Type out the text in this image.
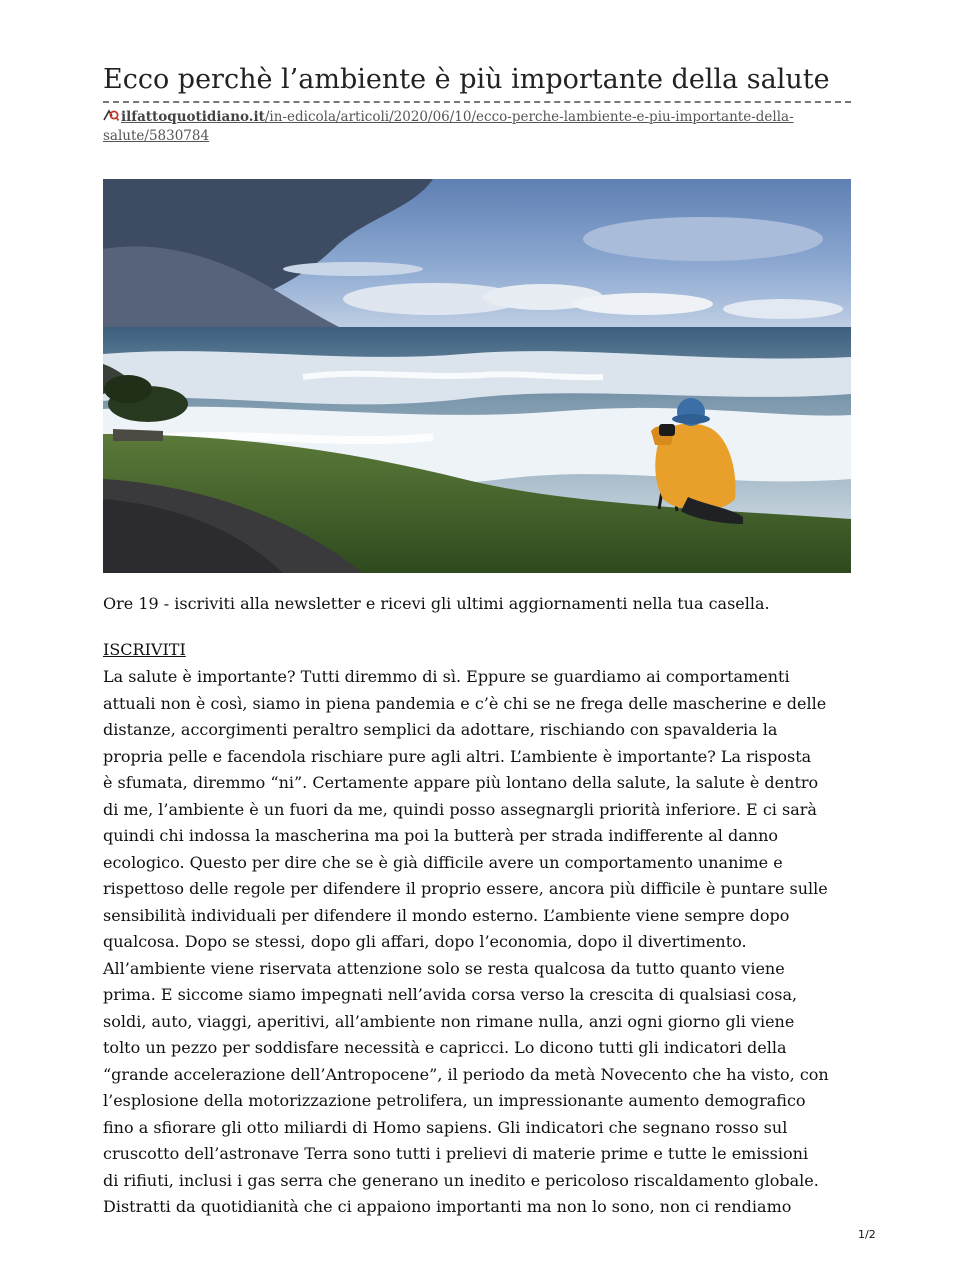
Ecco perchè l’ambiente è più importante della salute
ilfattoquotidiano.it/in-edicola/articoli/2020/06/10/ecco-perche-lambiente-e-piu-importante-della-
salute/5830784
Ore 19 - iscriviti alla newsletter e ricevi gli ultimi aggiornamenti nella tua casella.
ISCRIVITI
La salute è importante? Tutti diremmo di sì. Eppure se guardiamo ai comportamenti
attuali non è così, siamo in piena pandemia e c’è chi se ne frega delle mascherine e delle
distanze, accorgimenti peraltro semplici da adottare, rischiando con spavalderia la
propria pelle e facendola rischiare pure agli altri. L’ambiente è importante? La risposta
è sfumata, diremmo “ni”. Certamente appare più lontano della salute, la salute è dentro
di me, l’ambiente è un fuori da me, quindi posso assegnargli priorità inferiore. E ci sarà
quindi chi indossa la mascherina ma poi la butterà per strada indifferente al danno
ecologico. Questo per dire che se è già difficile avere un comportamento unanime e
rispettoso delle regole per difendere il proprio essere, ancora più difficile è puntare sulle
sensibilità individuali per difendere il mondo esterno. L’ambiente viene sempre dopo
qualcosa. Dopo se stessi, dopo gli affari, dopo l’economia, dopo il divertimento.
All’ambiente viene riservata attenzione solo se resta qualcosa da tutto quanto viene
prima. E siccome siamo impegnati nell’avida corsa verso la crescita di qualsiasi cosa,
soldi, auto, viaggi, aperitivi, all’ambiente non rimane nulla, anzi ogni giorno gli viene
tolto un pezzo per soddisfare necessità e capricci. Lo dicono tutti gli indicatori della
“grande accelerazione dell’Antropocene”, il periodo da metà Novecento che ha visto, con
l’esplosione della motorizzazione petrolifera, un impressionante aumento demografico
fino a sfiorare gli otto miliardi di Homo sapiens. Gli indicatori che segnano rosso sul
cruscotto dell’astronave Terra sono tutti i prelievi di materie prime e tutte le emissioni
di rifiuti, inclusi i gas serra che generano un inedito e pericoloso riscaldamento globale.
Distratti da quotidianità che ci appaiono importanti ma non lo sono, non ci rendiamo
1/2
